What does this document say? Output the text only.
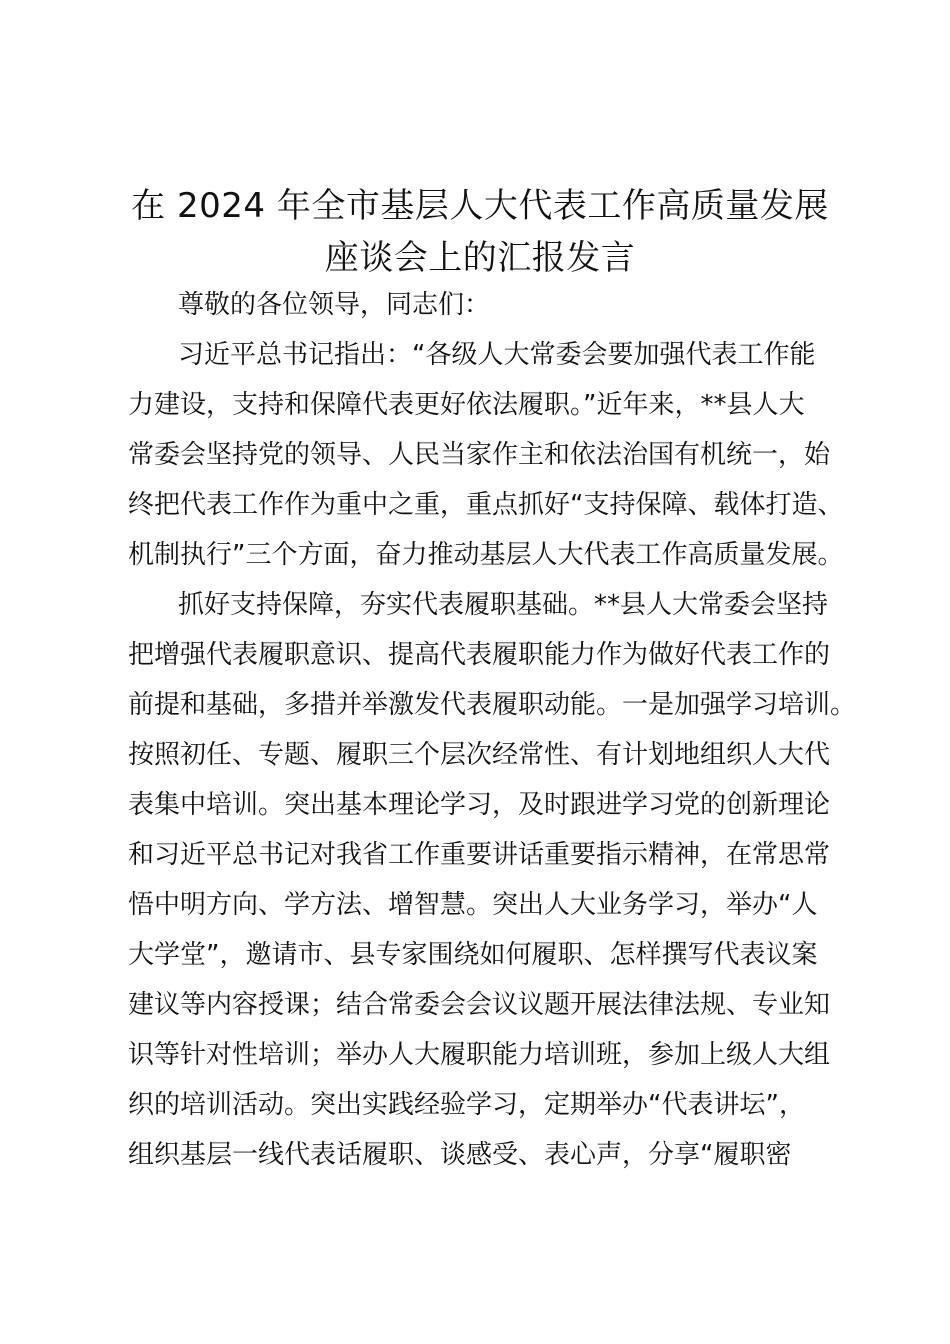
在 2024 年全市基层人大代表工作高质量发展
座谈会上的汇报发言

尊敬的各位领导，同志们：

习近平总书记指出：“各级人大常委会要加强代表工作能

力建设，支持和保障代表更好依法履职。”近年来，**县人大

常委会坚持党的领导、人民当家作主和依法治国有机统一，始

终把代表工作作为重中之重，重点抓好“支持保障、载体打造、

机制执行”三个方面，奋力推动基层人大代表工作高质量发展。

抓好支持保障，夯实代表履职基础。**县人大常委会坚持

把增强代表履职意识、提高代表履职能力作为做好代表工作的

前提和基础，多措并举激发代表履职动能。一是加强学习培训。

按照初任、专题、履职三个层次经常性、有计划地组织人大代

表集中培训。突出基本理论学习，及时跟进学习党的创新理论

和习近平总书记对我省工作重要讲话重要指示精神，在常思常

悟中明方向、学方法、增智慧。突出人大业务学习，举办“人

大学堂”，邀请市、县专家围绕如何履职、怎样撰写代表议案

建议等内容授课；结合常委会会议议题开展法律法规、专业知

识等针对性培训；举办人大履职能力培训班，参加上级人大组

织的培训活动。突出实践经验学习，定期举办“代表讲坛”，

组织基层一线代表话履职、谈感受、表心声，分享“履职密
